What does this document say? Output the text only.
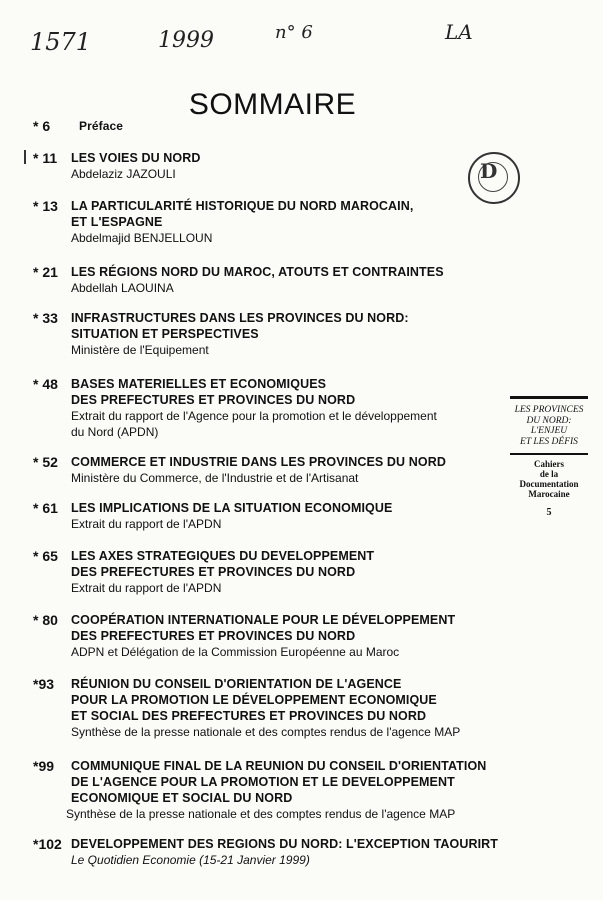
1571	1999	n° 6	LA
SOMMAIRE
D
* 6 Préface
* 11 LES VOIES DU NORD
Abdelaziz JAZOULI
* 13 LA PARTICULARITÉ HISTORIQUE DU NORD MAROCAIN,
ET L'ESPAGNE
Abdelmajid BENJELLOUN
* 21 LES RÉGIONS NORD DU MAROC, ATOUTS ET CONTRAINTES
Abdellah LAOUINA
* 33 INFRASTRUCTURES DANS LES PROVINCES DU NORD:
SITUATION ET PERSPECTIVES
Ministère de l'Equipement
* 48 BASES MATERIELLES ET ECONOMIQUES
DES PREFECTURES ET PROVINCES DU NORD
Extrait du rapport de l'Agence pour la promotion et le développement
du Nord (APDN)
* 52 COMMERCE ET INDUSTRIE DANS LES PROVINCES DU NORD
Ministère du Commerce, de l'Industrie et de l'Artisanat
* 61 LES IMPLICATIONS DE LA SITUATION ECONOMIQUE
Extrait du rapport de l'APDN
* 65 LES AXES STRATEGIQUES DU DEVELOPPEMENT
DES PREFECTURES ET PROVINCES DU NORD
Extrait du rapport de l'APDN
* 80 COOPÉRATION INTERNATIONALE POUR LE DÉVELOPPEMENT
DES PREFECTURES ET PROVINCES DU NORD
ADPN et Délégation de la Commission Européenne au Maroc
*93 RÉUNION DU CONSEIL D'ORIENTATION DE L'AGENCE
POUR LA PROMOTION LE DÉVELOPPEMENT ECONOMIQUE
ET SOCIAL DES PREFECTURES ET PROVINCES DU NORD
Synthèse de la presse nationale et des comptes rendus de l'agence MAP
*99 COMMUNIQUE FINAL DE LA REUNION DU CONSEIL D'ORIENTATION
DE L'AGENCE POUR LA PROMOTION ET LE DEVELOPPEMENT
ECONOMIQUE ET SOCIAL DU NORD
Synthèse de la presse nationale et des comptes rendus de l'agence MAP
*102 DEVELOPPEMENT DES REGIONS DU NORD: L'EXCEPTION TAOURIRT
Le Quotidien Economie (15-21 Janvier 1999)
LES PROVINCES
DU NORD:
L'ENJEU
ET LES DÉFIS
Cahiers
de la Documentation
Marocaine
5
